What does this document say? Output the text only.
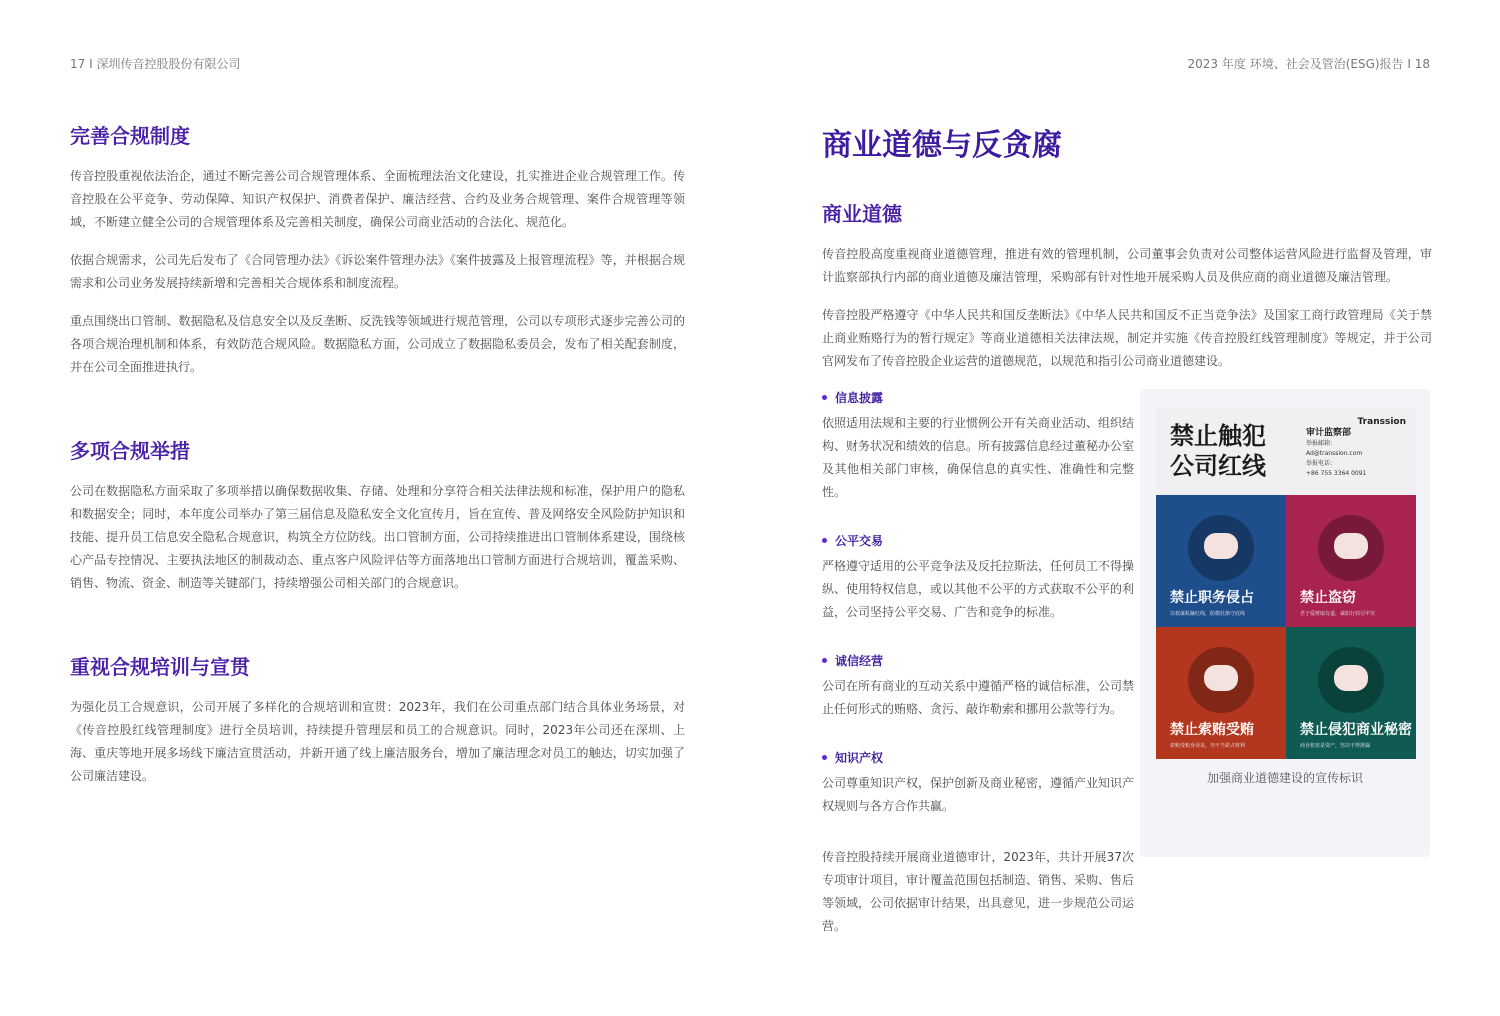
17 I 深圳传音控股股份有限公司	2023 年度 环境、社会及管治(ESG)报告 I 18
完善合规制度

传音控股重视依法治企，通过不断完善公司合规管理体系、全面梳理法治文化建设，扎实推进企业合规管理工作。传音控股在公平竞争、劳动保障、知识产权保护、消费者保护、廉洁经营、合约及业务合规管理、案件合规管理等领域，不断建立健全公司的合规管理体系及完善相关制度，确保公司商业活动的合法化、规范化。

依据合规需求，公司先后发布了《合同管理办法》《诉讼案件管理办法》《案件披露及上报管理流程》等，并根据合规需求和公司业务发展持续新增和完善相关合规体系和制度流程。

重点围绕出口管制、数据隐私及信息安全以及反垄断、反洗钱等领域进行规范管理，公司以专项形式逐步完善公司的各项合规治理机制和体系，有效防范合规风险。数据隐私方面，公司成立了数据隐私委员会，发布了相关配套制度，并在公司全面推进执行。

多项合规举措

公司在数据隐私方面采取了多项举措以确保数据收集、存储、处理和分享符合相关法律法规和标准，保护用户的隐私和数据安全；同时，本年度公司举办了第三届信息及隐私安全文化宣传月，旨在宣传、普及网络安全风险防护知识和技能、提升员工信息安全隐私合规意识，构筑全方位防线。出口管制方面，公司持续推进出口管制体系建设，围绕核心产品专控情况、主要执法地区的制裁动态、重点客户风险评估等方面落地出口管制方面进行合规培训，覆盖采购、销售、物流、资金、制造等关键部门，持续增强公司相关部门的合规意识。

重视合规培训与宣贯

为强化员工合规意识，公司开展了多样化的合规培训和宣贯：2023年，我们在公司重点部门结合具体业务场景，对《传音控股红线管理制度》进行全员培训，持续提升管理层和员工的合规意识。同时，2023年公司还在深圳、上海、重庆等地开展多场线下廉洁宣贯活动，并新开通了线上廉洁服务台，增加了廉洁理念对员工的触达，切实加强了公司廉洁建设。

商业道德与反贪腐
商业道德

传音控股高度重视商业道德管理，推进有效的管理机制，公司董事会负责对公司整体运营风险进行监督及管理，审计监察部执行内部的商业道德及廉洁管理，采购部有针对性地开展采购人员及供应商的商业道德及廉洁管理。

传音控股严格遵守《中华人民共和国反垄断法》《中华人民共和国反不正当竞争法》及国家工商行政管理局《关于禁止商业贿赂行为的暂行规定》等商业道德相关法律法规，制定并实施《传音控股红线管理制度》等规定，并于公司官网发布了传音控股企业运营的道德规范，以规范和指引公司商业道德建设。

信息披露

依照适用法规和主要的行业惯例公开有关商业活动、组织结构、财务状况和绩效的信息。所有披露信息经过董秘办公室及其他相关部门审核，确保信息的真实性、准确性和完整性。

公平交易

严格遵守适用的公平竞争法及反托拉斯法，任何员工不得操纵、使用特权信息，或以其他不公平的方式获取不公平的利益，公司坚持公平交易、广告和竞争的标准。

诚信经营

公司在所有商业的互动关系中遵循严格的诚信标准，公司禁止任何形式的贿赂、贪污、敲诈勒索和挪用公款等行为。

知识产权

公司尊重知识产权，保护创新及商业秘密，遵循产业知识产权规则与各方合作共赢。

传音控股持续开展商业道德审计，2023年，共计开展37次专项审计项目，审计覆盖范围包括制造、销售、采购、售后等领域，公司依据审计结果，出具意见，进一步规范公司运营。

禁止触犯
公司红线
审计监察部
举报邮箱：
Ad@transsion.com
举报电话：
+86 755 3364 0091
Transsion
禁止职务侵占
以权谋私触红线，防微杜渐守底线
禁止盗窃
君子爱财取有道，诚如行窃引牢灾
禁止索贿受贿
索贿受贿身误丧，勿不当索占财利
禁止侵犯商业秘密
商业机密是资产，坚决不得泄漏
加强商业道德建设的宣传标识
